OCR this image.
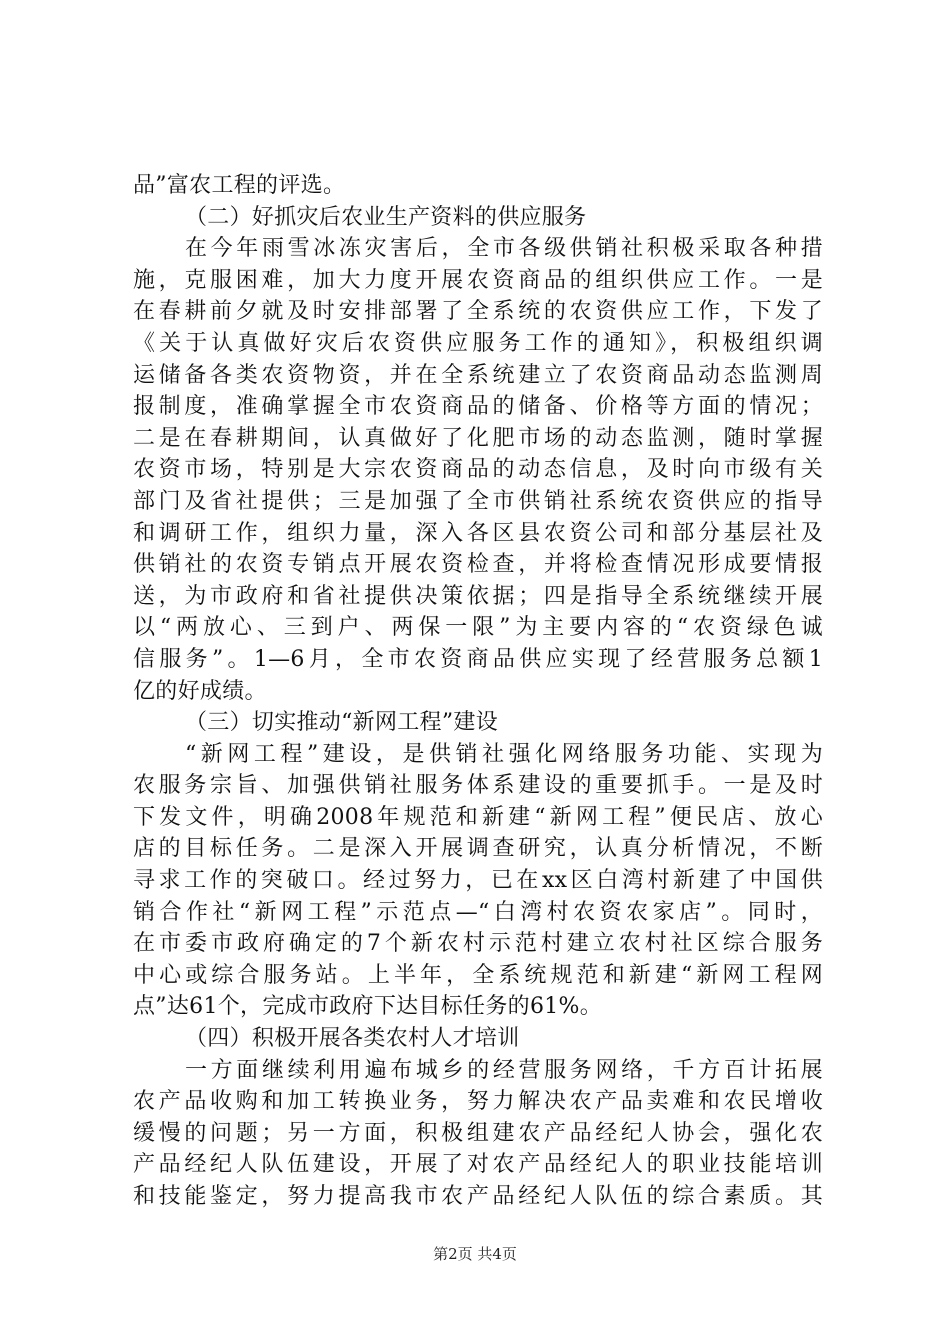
品”富农工程的评选。
（二）好抓灾后农业生产资料的供应服务
在今年雨雪冰冻灾害后，全市各级供销社积极采取各种措
施，克服困难，加大力度开展农资商品的组织供应工作。一是
在春耕前夕就及时安排部署了全系统的农资供应工作，下发了
《关于认真做好灾后农资供应服务工作的通知》，积极组织调
运储备各类农资物资，并在全系统建立了农资商品动态监测周
报制度，准确掌握全市农资商品的储备、价格等方面的情况；
二是在春耕期间，认真做好了化肥市场的动态监测，随时掌握
农资市场，特别是大宗农资商品的动态信息，及时向市级有关
部门及省社提供；三是加强了全市供销社系统农资供应的指导
和调研工作，组织力量，深入各区县农资公司和部分基层社及
供销社的农资专销点开展农资检查，并将检查情况形成要情报
送，为市政府和省社提供决策依据；四是指导全系统继续开展
以“两放心、三到户、两保一限”为主要内容的“农资绿色诚
信服务”。1—6月，全市农资商品供应实现了经营服务总额1
亿的好成绩。
（三）切实推动“新网工程”建设
“新网工程”建设，是供销社强化网络服务功能、实现为
农服务宗旨、加强供销社服务体系建设的重要抓手。一是及时
下发文件，明确2008年规范和新建“新网工程”便民店、放心
店的目标任务。二是深入开展调查研究，认真分析情况，不断
寻求工作的突破口。经过努力，已在xx区白湾村新建了中国供
销合作社“新网工程”示范点—“白湾村农资农家店”。同时，
在市委市政府确定的7个新农村示范村建立农村社区综合服务
中心或综合服务站。上半年，全系统规范和新建“新网工程网
点”达61个，完成市政府下达目标任务的61%。
（四）积极开展各类农村人才培训
一方面继续利用遍布城乡的经营服务网络，千方百计拓展
农产品收购和加工转换业务，努力解决农产品卖难和农民增收
缓慢的问题；另一方面，积极组建农产品经纪人协会，强化农
产品经纪人队伍建设，开展了对农产品经纪人的职业技能培训
和技能鉴定，努力提高我市农产品经纪人队伍的综合素质。其
第2页 共4页
